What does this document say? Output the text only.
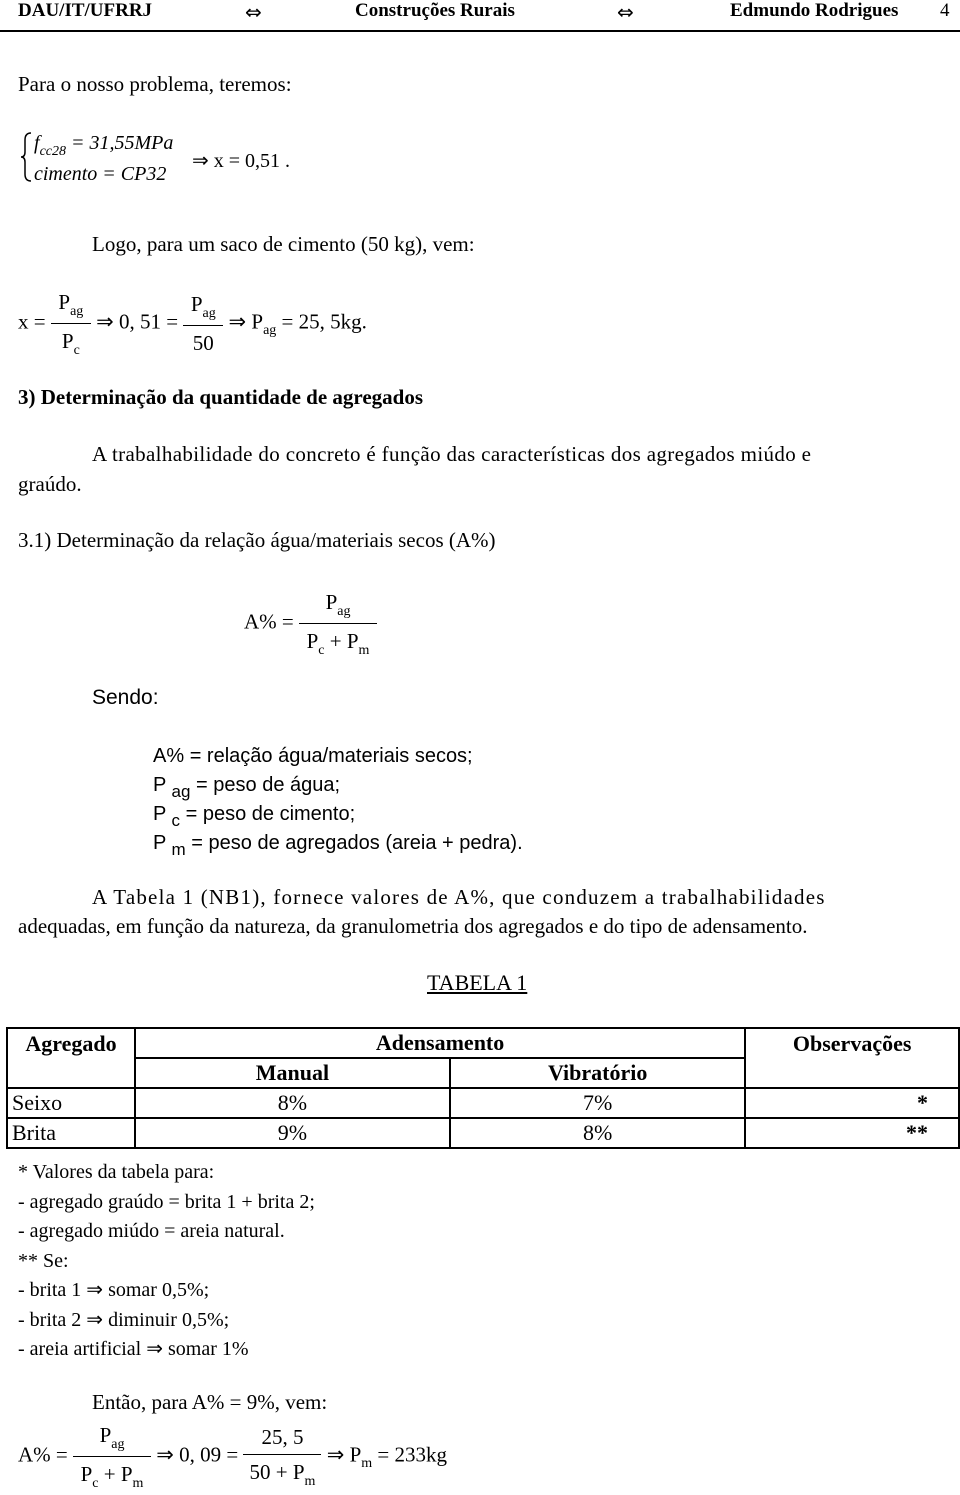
DAU/IT/UFRRJ	⇔	Construções Rurais	⇔	Edmundo Rodrigues 4
Para o nosso problema, teremos:
$f_{cc28} = 31,55MPa$
cimento = CP32
⇒ x = 0,51 .
Logo, para um saco de cimento (50 kg), vem:
$x = \frac{P_{ag}}{P_c}$ ⇒ 0, $51 = \frac{P_{ag}}{50}$ ⇒ $P_{ag} = 25$, 5kg.
3) Determinação da quantidade de agregados
A trabalhabilidade do concreto é função das características dos agregados miúdo e
graúdo.
3.1) Determinação da relação água/materiais secos (A%)
$A\% = \frac{P_{ag}}{P_c + P_m}$
Sendo:
A% = relação água/materiais secos;
P $_{ag}$ = peso de água;
P $_c$ = peso de cimento;
P $_m$ = peso de agregados (areia + pedra).
A Tabela 1 (NB1), fornece valores de A%, que conduzem a trabalhabilidades
adequadas, em função da natureza, da granulometria dos agregados e do tipo de adensamento.
TABELA 1
Agregado	Adensamento		Observações
	Manual	Vibratório	
Seixo	8%	7%	*
Brita	9%	8%	**
* Valores da tabela para:
- agregado graúdo = brita 1 + brita 2;
- agregado miúdo = areia natural.
** Se:
- brita 1 ⇒ somar 0,5%;
- brita 2 ⇒ diminuir 0,5%;
- areia artificial ⇒ somar 1%
Então, para A% = 9%, vem:
$A\% = \frac{P_{ag}}{P_c + P_m}$ ⇒ 0, $09 = \frac{25, 5}{50 + P_m}$ ⇒ $P_m = 233kg$
